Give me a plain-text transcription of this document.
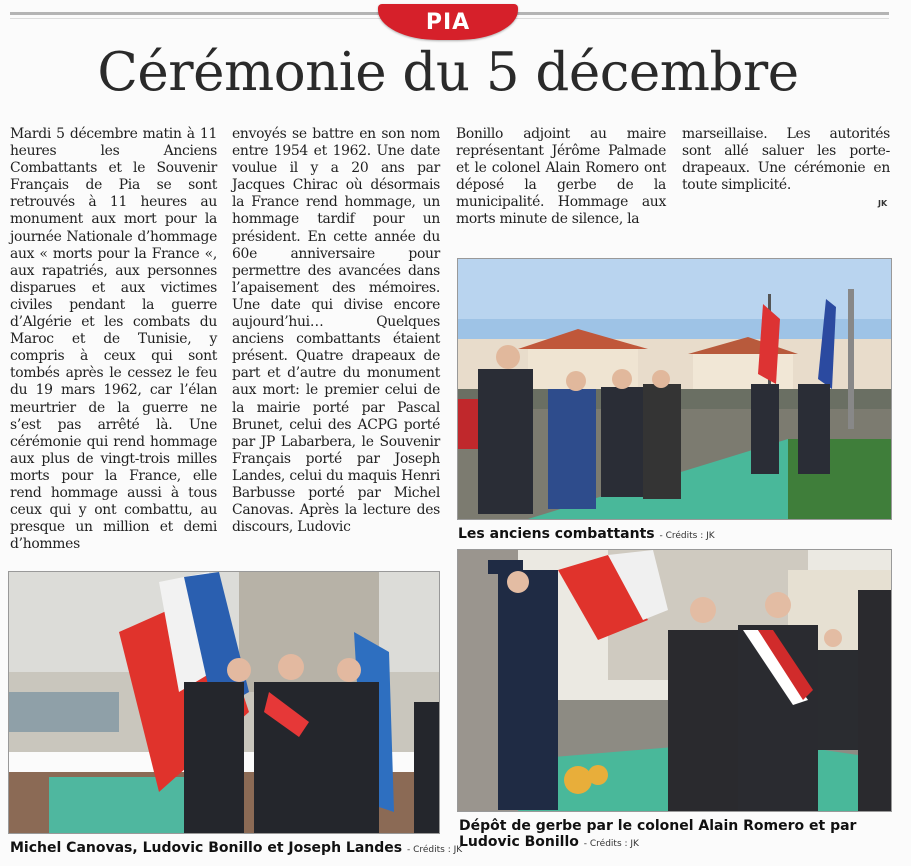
PIA
Cérémonie du 5 décembre
Mardi 5 décembre matin à 11 heures les Anciens Combattants et le Souvenir Français de Pia se sont retrouvés à 11 heures au monument aux mort pour la journée Nationale d’hommage aux « morts pour la France «, aux rapatriés, aux personnes disparues et aux victimes civiles pendant la guerre d’Algérie et les combats du Maroc et de Tunisie, y compris à ceux qui sont tombés après le cessez le feu du 19 mars 1962, car l’élan meurtrier de la guerre ne s’est pas arrêté là. Une cérémonie qui rend hommage aux plus de vingt-trois milles morts pour la France, elle rend hommage aussi à tous ceux qui y ont combattu, au presque un million et demi d’hommes
envoyés se battre en son nom entre 1954 et 1962. Une date voulue il y a 20 ans par Jacques Chirac où désormais la France rend hommage, un hommage tardif pour un président. En cette année du 60e anniversaire pour permettre des avancées dans l’apaisement des mémoires. Une date qui divise encore aujourd’hui… Quelques anciens combattants étaient présent. Quatre drapeaux de part et d’autre du monument aux mort: le premier celui de la mairie porté par Pascal Brunet, celui des ACPG porté par JP Labarbera, le Souvenir Français porté par Joseph Landes, celui du maquis Henri Barbusse porté par Michel Canovas. Après la lecture des discours, Ludovic
Bonillo adjoint au maire représentant Jérôme Palmade et le colonel Alain Romero ont déposé la gerbe de la municipalité. Hommage aux morts minute de silence, la
marseillaise. Les autorités sont allé saluer les porte-drapeaux. Une cérémonie en toute simplicité.
JK
Les anciens combattants - Crédits : JK
Michel Canovas, Ludovic Bonillo et Joseph Landes - Crédits : JK
Dépôt de gerbe par le colonel Alain Romero et par Ludovic Bonillo - Crédits : JK
